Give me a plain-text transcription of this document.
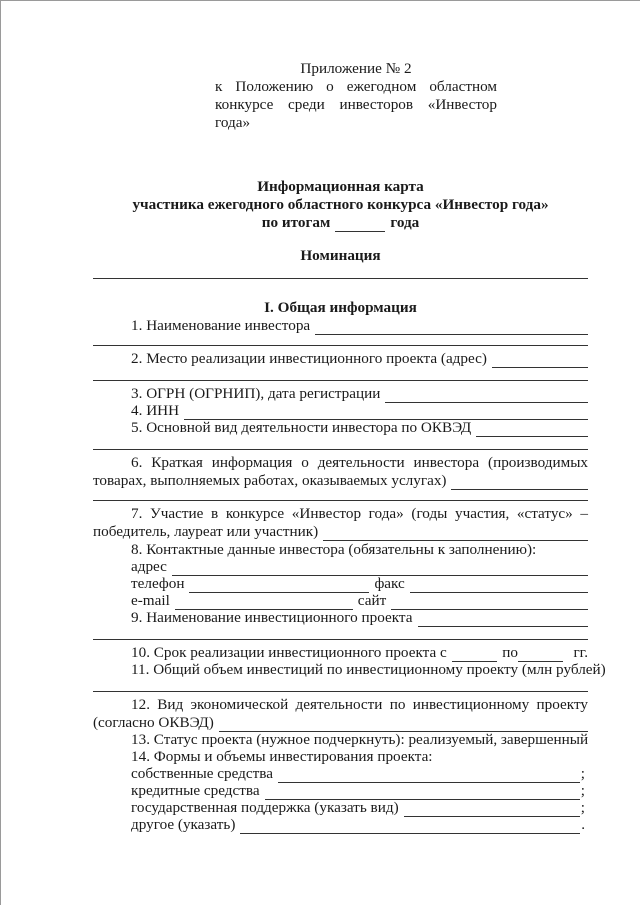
Приложение № 2
к Положению о ежегодном областном
конкурсе среди инвесторов «Инвестор года»
Информационная карта
участника ежегодного областного конкурса «Инвестор года»
по итогам	года
Номинация
I. Общая информация
1. Наименование инвестора
2. Место реализации инвестиционного проекта (адрес)
3. ОГРН (ОГРНИП), дата регистрации
4. ИНН
5. Основной вид деятельности инвестора по ОКВЭД
6. Краткая информация о деятельности инвестора (производимых
товарах, выполняемых работах, оказываемых услугах)
7. Участие в конкурсе «Инвестор года» (годы участия, «статус» –
победитель, лауреат или участник)
8. Контактные данные инвестора (обязательны к заполнению):
адрес
телефон	факс
e-mail	сайт
9. Наименование инвестиционного проекта
10. Срок реализации инвестиционного проекта с	по	гг.
11. Общий объем инвестиций по инвестиционному проекту (млн рублей)
12. Вид экономической деятельности по инвестиционному проекту
(согласно ОКВЭД)
13. Статус проекта (нужное подчеркнуть): реализуемый, завершенный
14. Формы и объемы инвестирования проекта:
собственные средства	;
кредитные средства	;
государственная поддержка (указать вид)	;
другое (указать)	.
